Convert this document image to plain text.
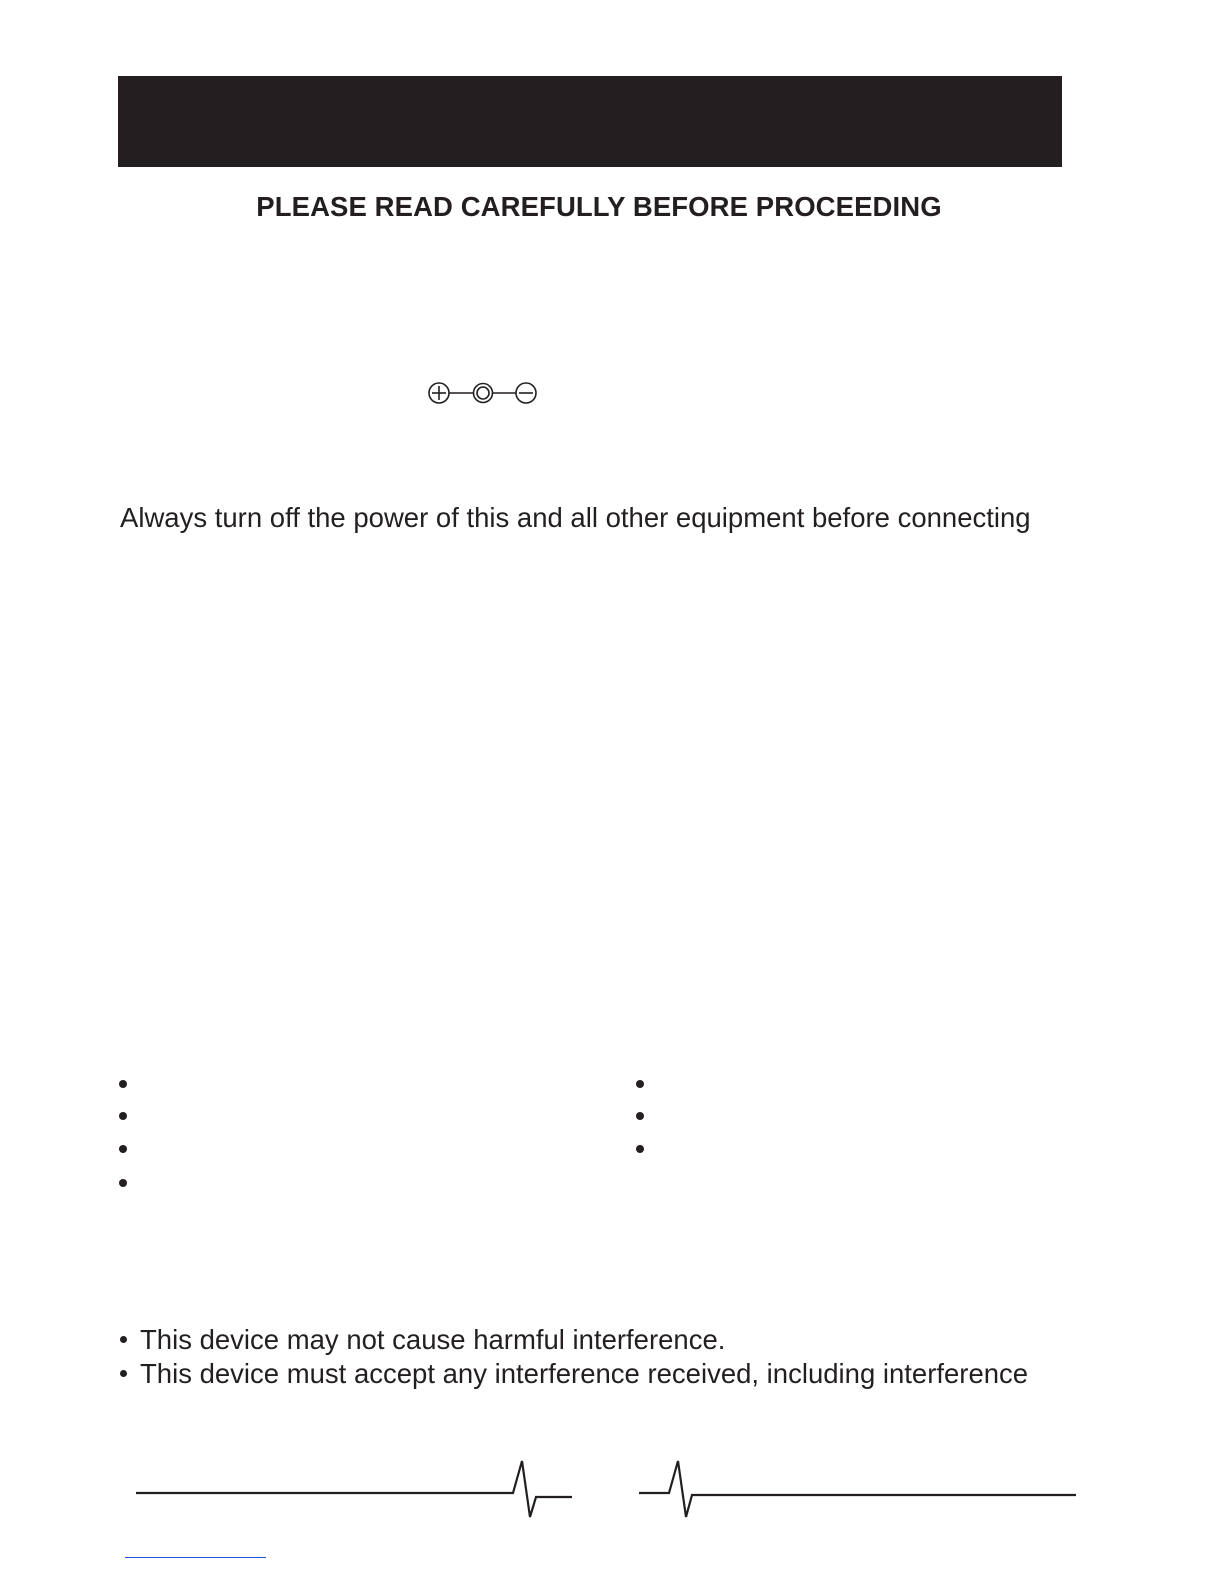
PLEASE READ CAREFULLY BEFORE PROCEEDING
Always turn off the power of this and all other equipment before connecting
This device may not cause harmful interference.
This device must accept any interference received, including interference
